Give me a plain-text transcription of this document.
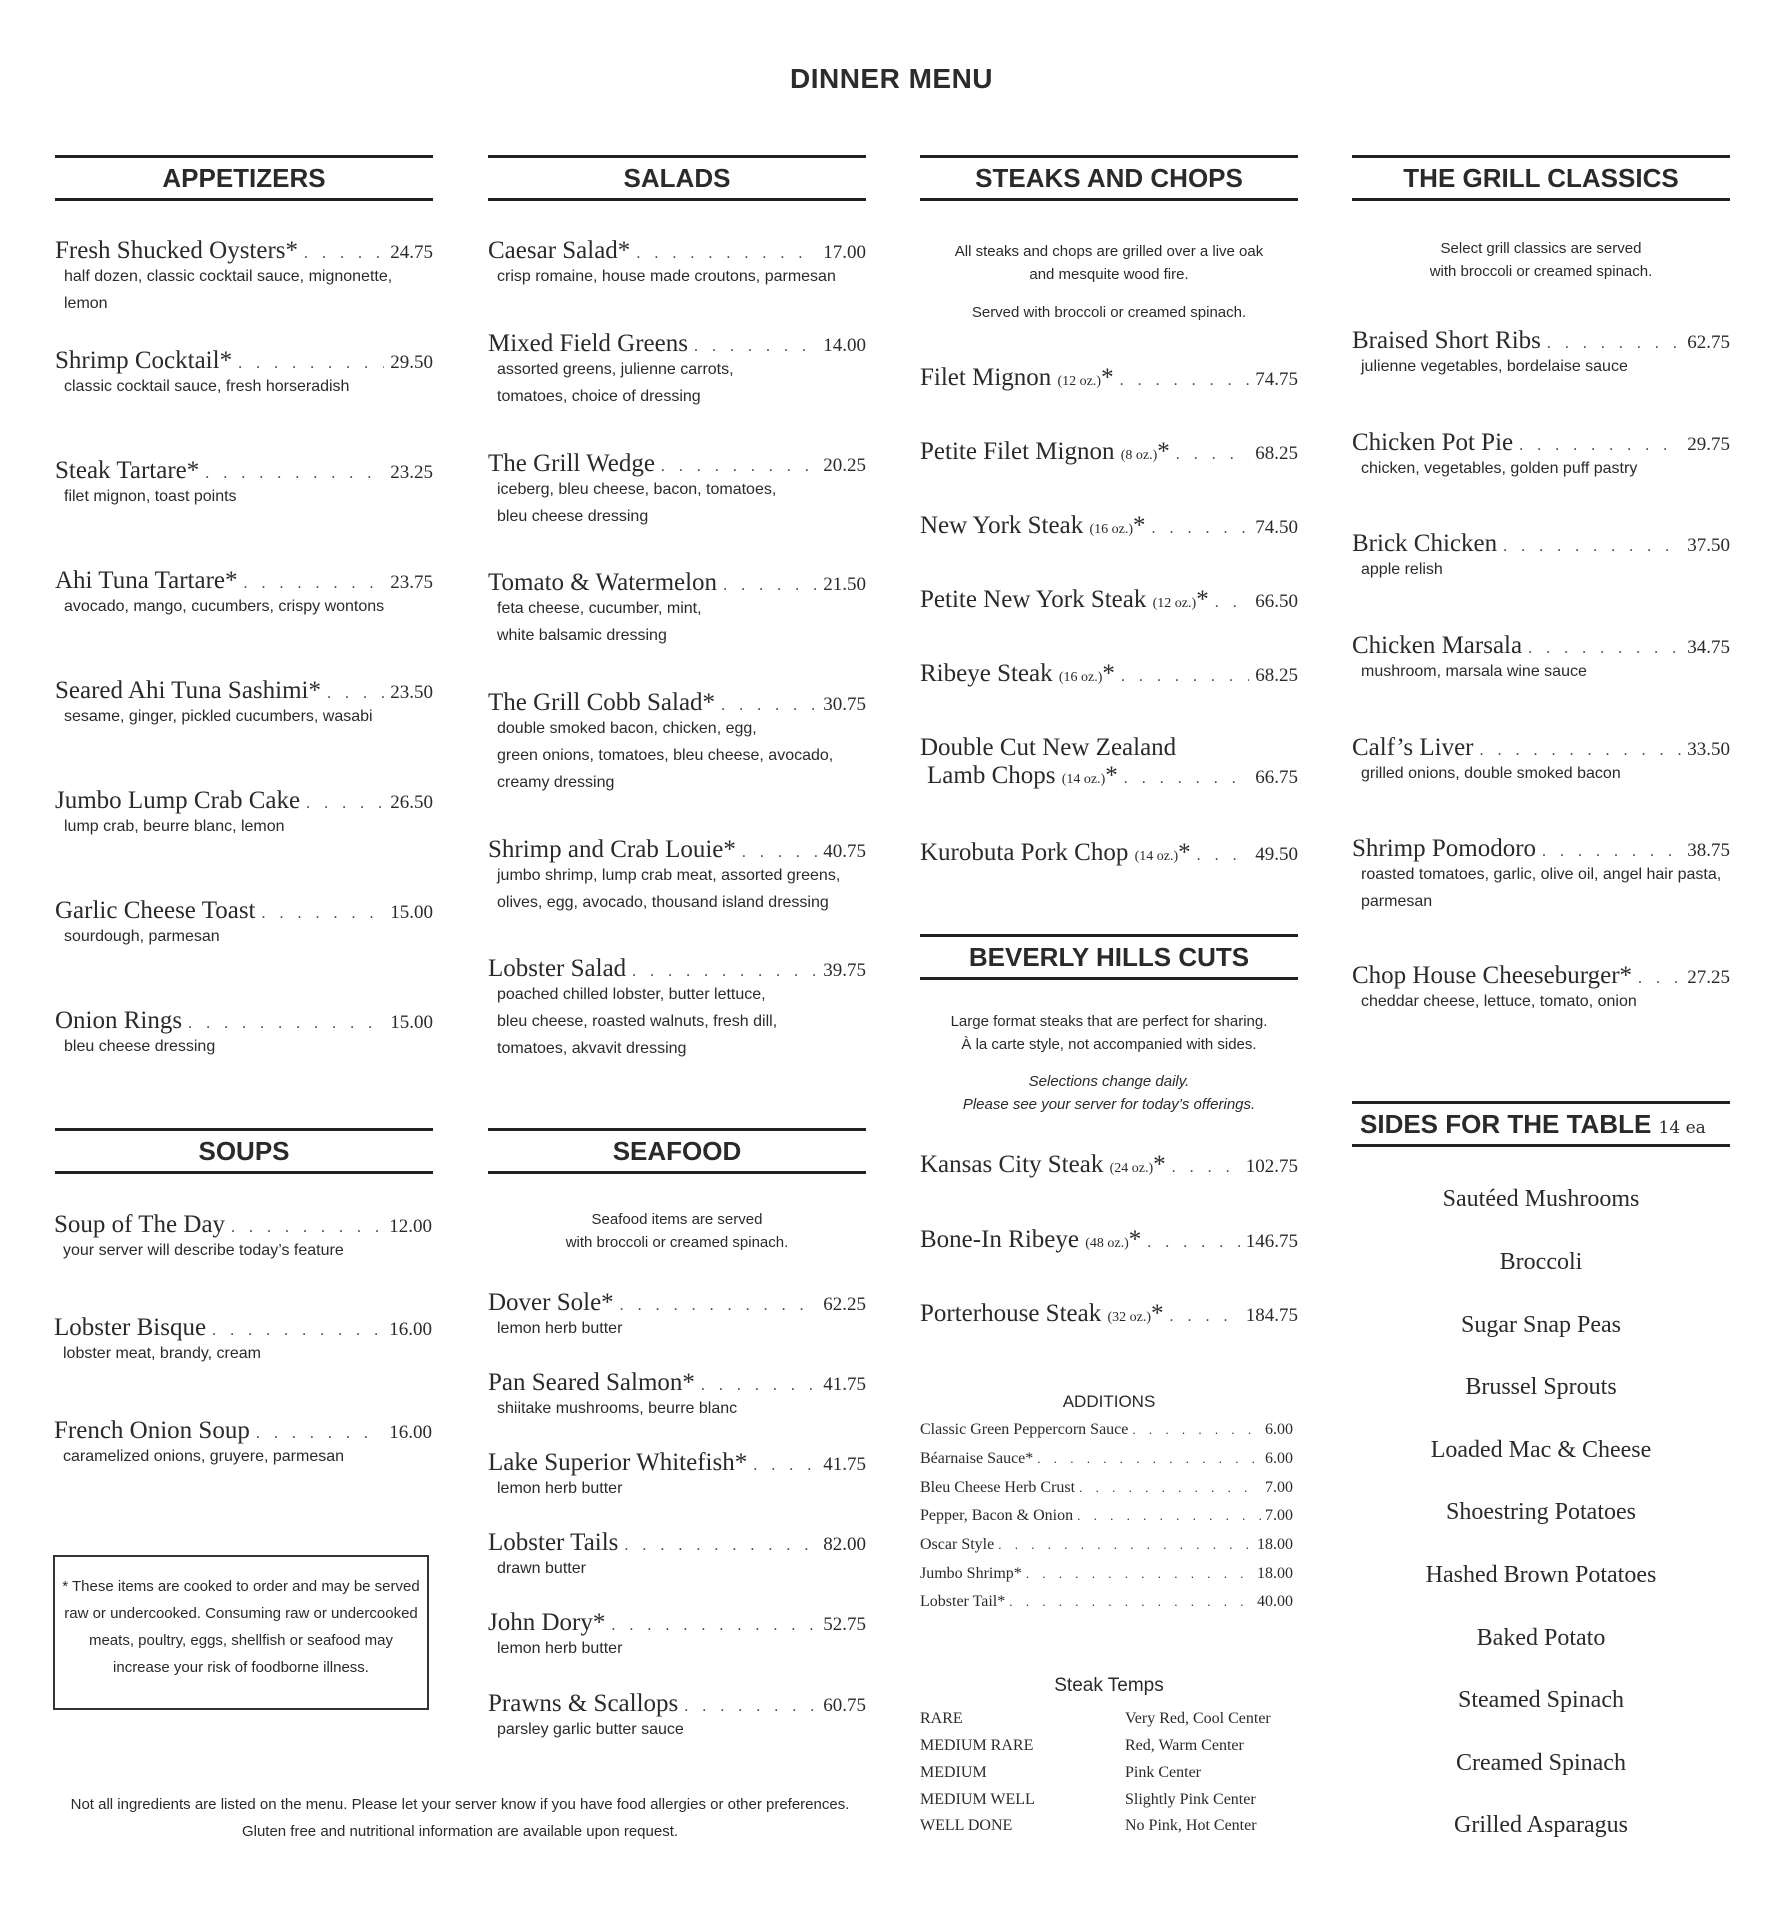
DINNER MENU
APPETIZERS
Fresh Shucked Oysters* . . .	24.75
half dozen, classic cocktail sauce, mignonette, lemon
Shrimp Cocktail* . . .	29.50
classic cocktail sauce, fresh horseradish
Steak Tartare* . . .	23.25
filet mignon, toast points
Ahi Tuna Tartare* . . .	23.75
avocado, mango, cucumbers, crispy wontons
Seared Ahi Tuna Sashimi* . . .	23.50
sesame, ginger, pickled cucumbers, wasabi
Jumbo Lump Crab Cake . . .	26.50
lump crab, beurre blanc, lemon
Garlic Cheese Toast . . .	15.00
sourdough, parmesan
Onion Rings . . .	15.00
bleu cheese dressing
SOUPS
Soup of The Day . . .	12.00
your server will describe today’s feature
Lobster Bisque . . .	16.00
lobster meat, brandy, cream
French Onion Soup . . .	16.00
caramelized onions, gruyere, parmesan
* These items are cooked to order and may be served
raw or undercooked. Consuming raw or undercooked
meats, poultry, eggs, shellfish or seafood may
increase your risk of foodborne illness.
SALADS
Caesar Salad* . . .	17.00
crisp romaine, house made croutons, parmesan
Mixed Field Greens . . .	14.00
assorted greens, julienne carrots,
tomatoes, choice of dressing
The Grill Wedge . . .	20.25
iceberg, bleu cheese, bacon, tomatoes,
bleu cheese dressing
Tomato & Watermelon . . .	21.50
feta cheese, cucumber, mint,
white balsamic dressing
The Grill Cobb Salad* . . .	30.75
double smoked bacon, chicken, egg,
green onions, tomatoes, bleu cheese, avocado,
creamy dressing
Shrimp and Crab Louie* . . .	40.75
jumbo shrimp, lump crab meat, assorted greens,
olives, egg, avocado, thousand island dressing
Lobster Salad . . .	39.75
poached chilled lobster, butter lettuce,
bleu cheese, roasted walnuts, fresh dill,
tomatoes, akvavit dressing
SEAFOOD
Seafood items are served
with broccoli or creamed spinach.
Dover Sole* . . .	62.25
lemon herb butter
Pan Seared Salmon* . . .	41.75
shiitake mushrooms, beurre blanc
Lake Superior Whitefish* . . .	41.75
lemon herb butter
Lobster Tails . . .	82.00
drawn butter
John Dory* . . .	52.75
lemon herb butter
Prawns & Scallops . . .	60.75
parsley garlic butter sauce
Not all ingredients are listed on the menu. Please let your server know if you have food allergies or other preferences.
Gluten free and nutritional information are available upon request.
STEAKS AND CHOPS
All steaks and chops are grilled over a live oak
and mesquite wood fire.
Served with broccoli or creamed spinach.
Filet Mignon
(12 oz.) * . . .	74.75
Petite Filet Mignon
(8 oz.) * . . .	68.25
New York Steak
(16 oz.) * . . .	74.50
Petite New York Steak
(12 oz.) * . . . 66.50
Ribeye Steak
(16 oz.) * . . .	68.25
Double Cut New Zealand
Lamb Chops
(14 oz.) * . . .	66.75
Kurobuta Pork Chop
(14 oz.) * . . .	49.50
BEVERLY HILLS CUTS
Large format steaks that are perfect for sharing.
À la carte style, not accompanied with sides.
Selections change daily.
Please see your server for today’s offerings.
Kansas City Steak
(24 oz.) * . . .	102.75
Bone-In Ribeye
(48 oz.) * . . .	146.75
Porterhouse Steak
(32 oz.) * . . .	184.75
ADDITIONS
Classic Green Peppercorn Sauce . . .	6.00
Béarnaise Sauce* . . .	6.00
Bleu Cheese Herb Crust . . .	7.00
Pepper, Bacon & Onion . . .	7.00
Oscar Style . . .	18.00
Jumbo Shrimp* . . .	18.00
Lobster Tail* . . .	40.00
Steak Temps
RARE	Very Red, Cool Center
MEDIUM RARE	Red, Warm Center
MEDIUM	Pink Center
MEDIUM WELL	Slightly Pink Center
WELL DONE	No Pink, Hot Center
THE GRILL CLASSICS
Select grill classics are served
with broccoli or creamed spinach.
Braised Short Ribs . . .	62.75
julienne vegetables, bordelaise sauce
Chicken Pot Pie . . .	29.75
chicken, vegetables, golden puff pastry
Brick Chicken . . .	37.50
apple relish
Chicken Marsala . . .	34.75
mushroom, marsala wine sauce
Calf’s Liver . . .	33.50
grilled onions, double smoked bacon
Shrimp Pomodoro . . .	38.75
roasted tomatoes, garlic, olive oil, angel hair pasta,
parmesan
Chop House Cheeseburger* . . .	27.25
cheddar cheese, lettuce, tomato, onion
SIDES FOR THE TABLE 14 ea
Sautéed Mushrooms
Broccoli
Sugar Snap Peas
Brussel Sprouts
Loaded Mac & Cheese
Shoestring Potatoes
Hashed Brown Potatoes
Baked Potato
Steamed Spinach
Creamed Spinach
Grilled Asparagus
